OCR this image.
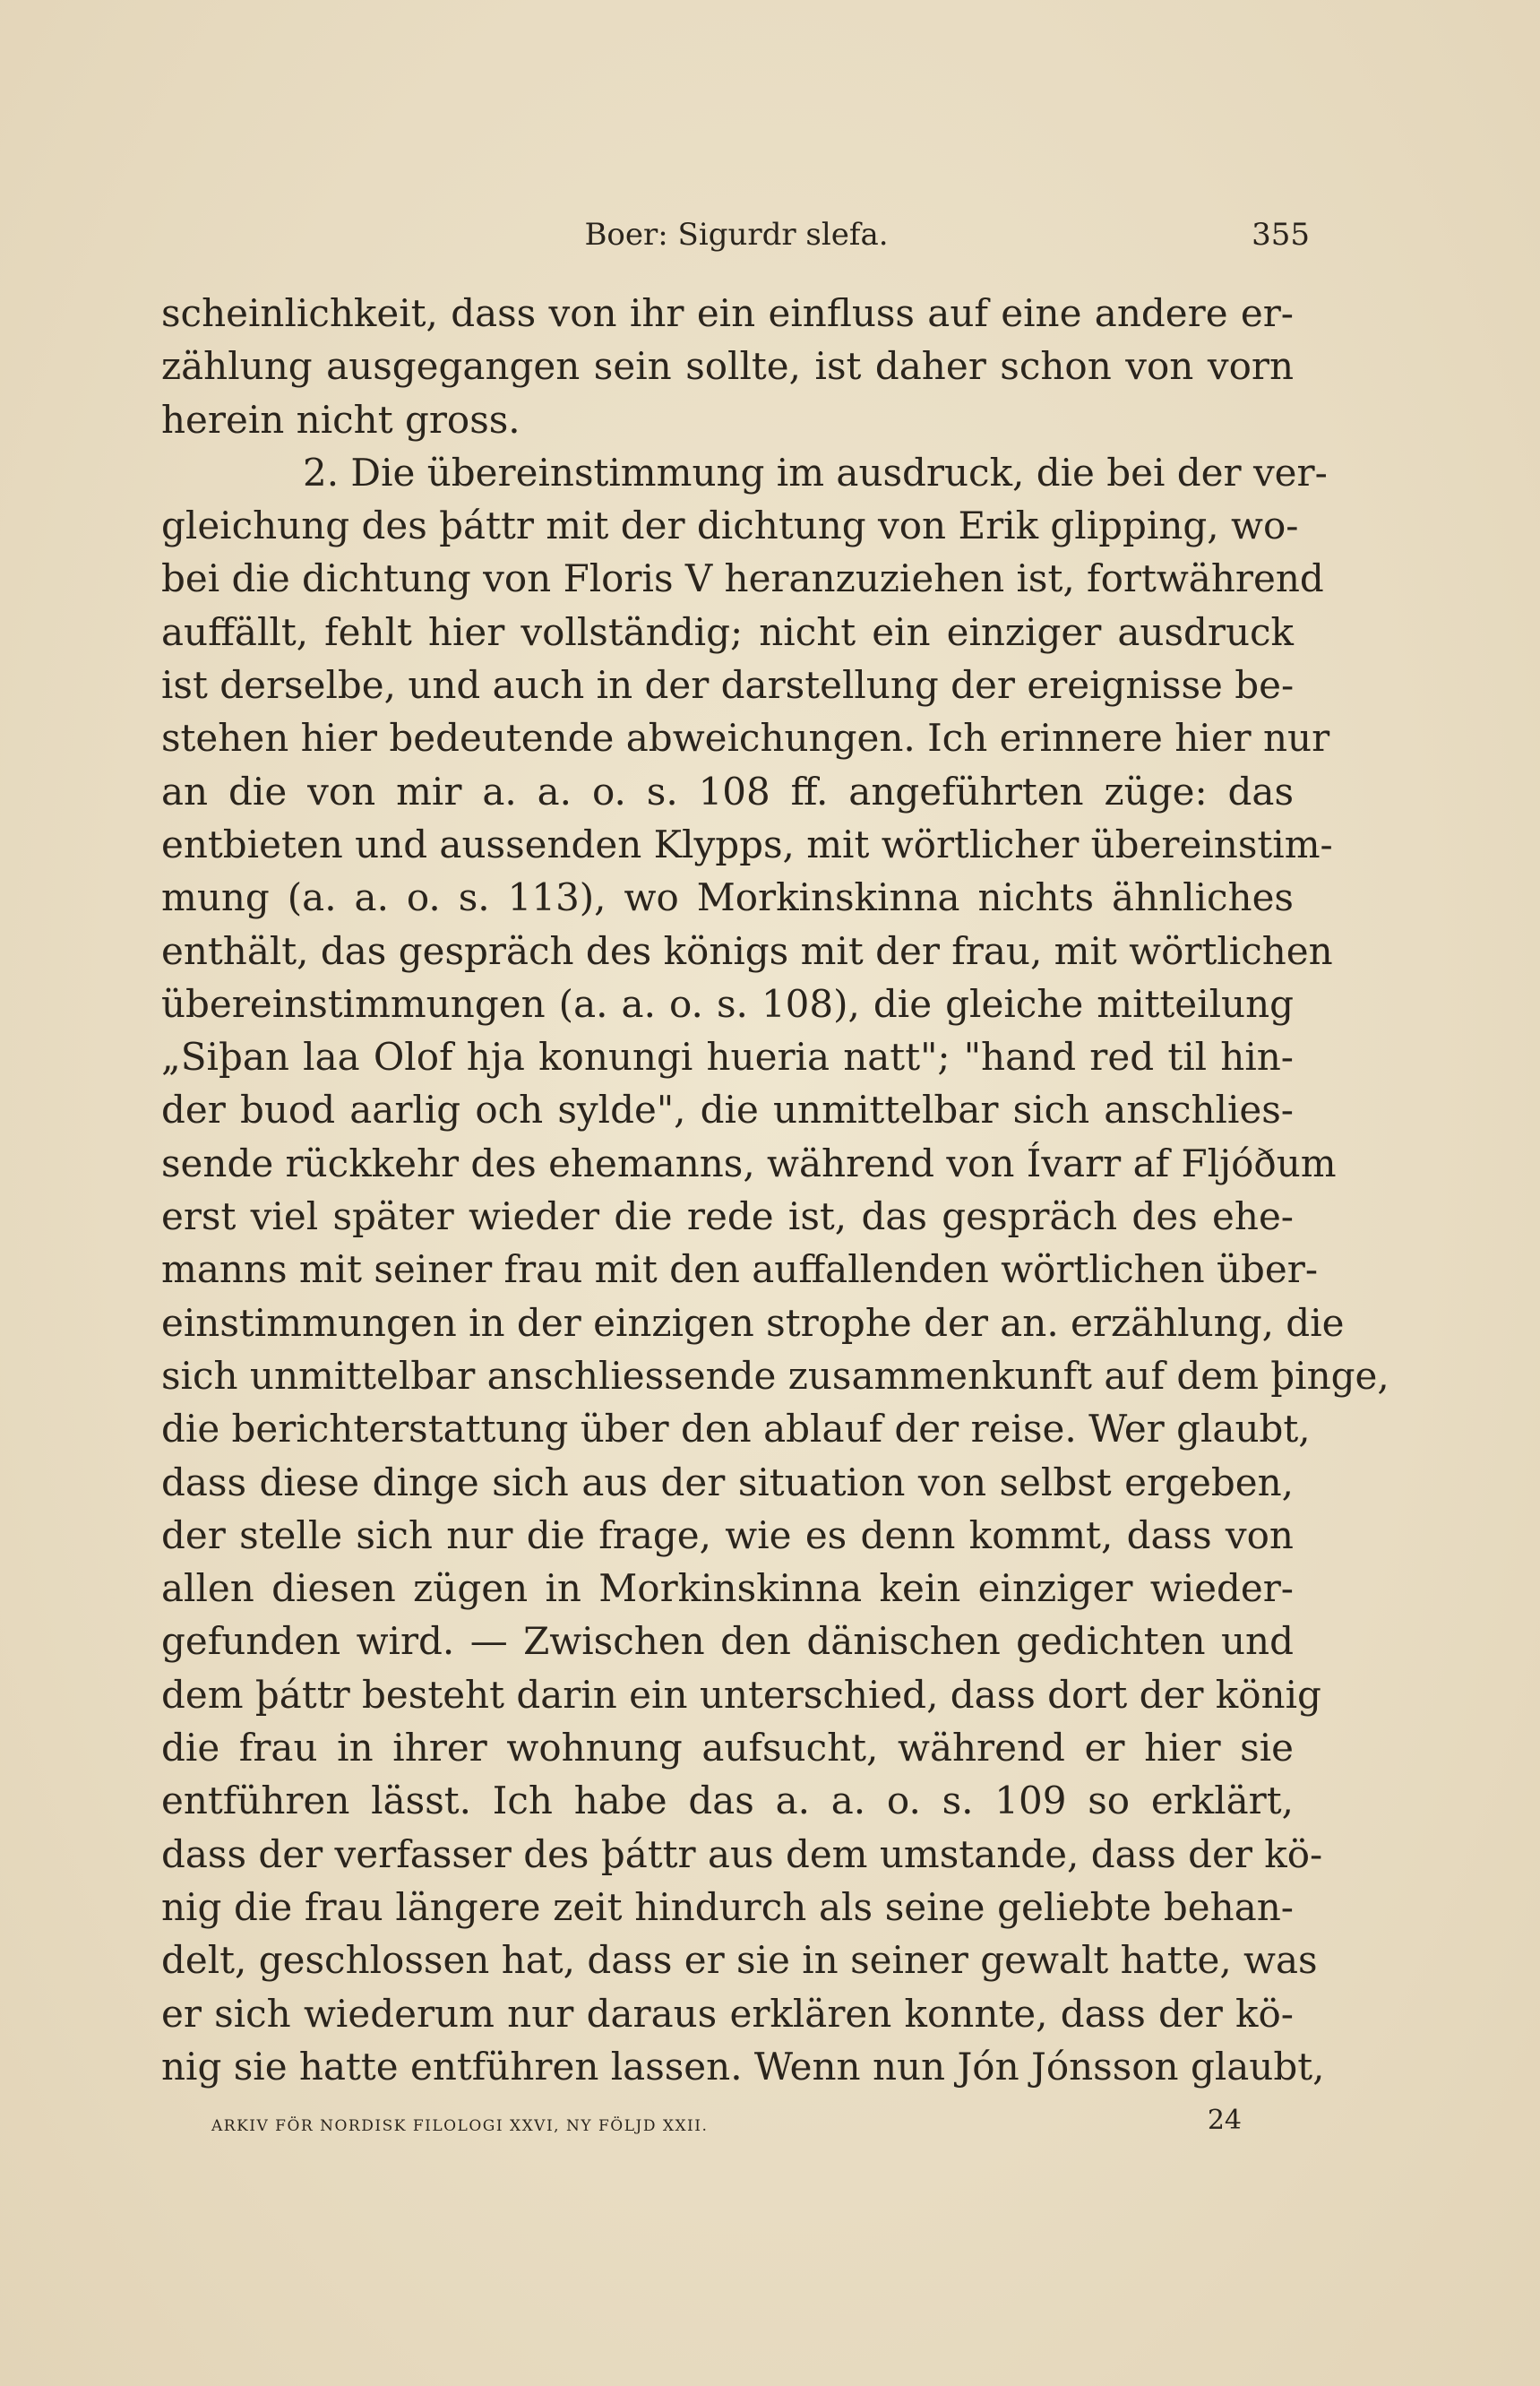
Boer: Sigurdr slefa.	355
scheinlichkeit, dass von ihr ein einfluss auf eine andere er-
zählung ausgegangen sein sollte, ist daher schon von vorn
herein nicht gross.
2. Die übereinstimmung im ausdruck, die bei der ver-
gleichung des þáttr mit der dichtung von Erik glipping, wo-
bei die dichtung von Floris V heranzuziehen ist, fortwährend
auffällt, fehlt hier vollständig; nicht ein einziger ausdruck
ist derselbe, und auch in der darstellung der ereignisse be-
stehen hier bedeutende abweichungen. Ich erinnere hier nur
an die von mir a. a. o. s. 108 ff. angeführten züge: das
entbieten und aussenden Klypps, mit wörtlicher übereinstim-
mung (a. a. o. s. 113), wo Morkinskinna nichts ähnliches
enthält, das gespräch des königs mit der frau, mit wörtlichen
übereinstimmungen (a. a. o. s. 108), die gleiche mitteilung
„Siþan laa Olof hja konungi hueria natt"; "hand red til hin-
der buod aarlig och sylde", die unmittelbar sich anschlies-
sende rückkehr des ehemanns, während von Ívarr af Fljóðum
erst viel später wieder die rede ist, das gespräch des ehe-
manns mit seiner frau mit den auffallenden wörtlichen über-
einstimmungen in der einzigen strophe der an. erzählung, die
sich unmittelbar anschliessende zusammenkunft auf dem þinge,
die berichterstattung über den ablauf der reise. Wer glaubt,
dass diese dinge sich aus der situation von selbst ergeben,
der stelle sich nur die frage, wie es denn kommt, dass von
allen diesen zügen in Morkinskinna kein einziger wieder-
gefunden wird. — Zwischen den dänischen gedichten und
dem þáttr besteht darin ein unterschied, dass dort der könig
die frau in ihrer wohnung aufsucht, während er hier sie
entführen lässt. Ich habe das a. a. o. s. 109 so erklärt,
dass der verfasser des þáttr aus dem umstande, dass der kö-
nig die frau längere zeit hindurch als seine geliebte behan-
delt, geschlossen hat, dass er sie in seiner gewalt hatte, was
er sich wiederum nur daraus erklären konnte, dass der kö-
nig sie hatte entführen lassen. Wenn nun Jón Jónsson glaubt,
ARKIV FÖR NORDISK FILOLOGI XXVI, NY FÖLJD XXII.	24
